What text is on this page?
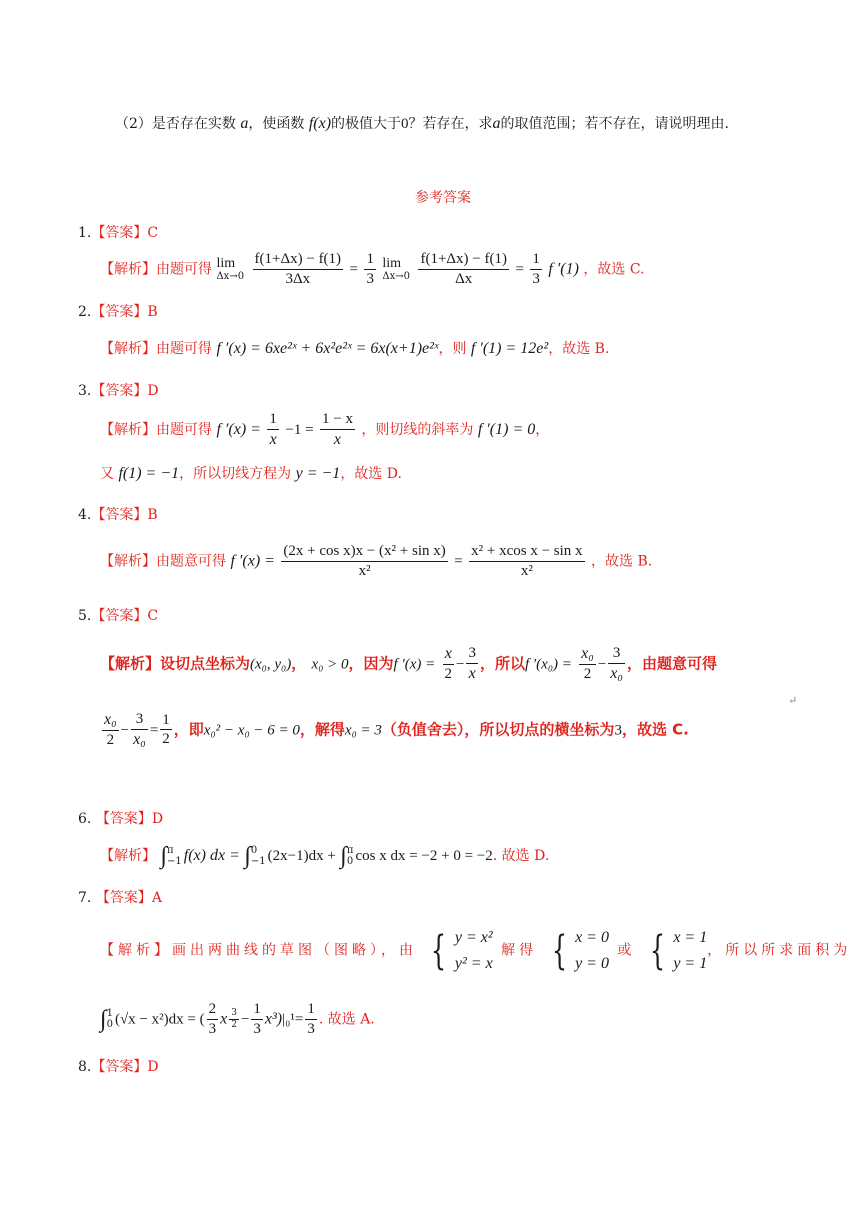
（2）是否存在实数 a，使函数 f(x)的极值大于0？若存在，求a的取值范围；若不存在，请说明理由.
参考答案
1.【答案】C
【解析】由题可得 lim
$\Delta x\to 0 \frac{f(1+\Delta x) - f(1)}{3\Delta x} = \frac{1}{3}$ lim
$\Delta x\to 0 \frac{f(1+\Delta x) - f(1)}{\Delta x} = \frac{1}{3}$ f ′(1) ，故选 C.
2.【答案】B
【解析】由题可得 f ′(x) = 6xe²ˣ + 6x²e²ˣ = 6x(x+1)e²ˣ，则 f ′(1) = 12e²，故选 B.
3.【答案】D
【解析】由题可得 f $'(x) = \frac{1}{x} -1 = \frac{1 - x}{x}$ ，则切线的斜率为 f ′(1) = 0，
又 f(1) = −1，所以切线方程为 y = −1，故选 D.
4.【答案】B
【解析】由题意可得 f $'(x) = \frac{\text{(2x + cos x)x − (x² + sin x)}}{\text{x²}} = \frac{\text{x² + xcos x − sin x}}{\text{x²}}$ ，故选 B.
5.【答案】C
【解析】设切点坐标为(x₀, y₀)， x₀ > 0，因为f $'(x) = \frac{x}{2} - \frac{3}{x}$ ，所以f $'(x_0) = \frac{\text{x₀}}{2} - \frac{3}{\text{x₀}}$ ，由题意可得
$\frac{\text{x₀}}{2} - \frac{3}{\text{x₀}} = \frac{1}{2}$ ，即x₀² − x₀ − 6 = 0，解得x₀ = 3（负值舍去），所以切点的横坐标为3，故选 C.
↵
6. 【答案】D
【解析】 ∫π
−1 f(x) dx = ∫0
−1 (2x−1)dx + ∫π
0 cos x dx = −2 + 0 = −2. 故选 D.
7. 【答案】A
【解析】画出两曲线的草图（图略），由 { y = x²
y² = x 解得 { x = 0
y = 0 或 { x = 1
y = 1，所以所求面积为
∫1
0 (√x − x²)dx = ( $\frac{2}{3}$ x $\frac{3}{2} - \frac{1}{3} x^3)|_0^1= \frac{1}{3}$ . 故选 A.
8.【答案】D
